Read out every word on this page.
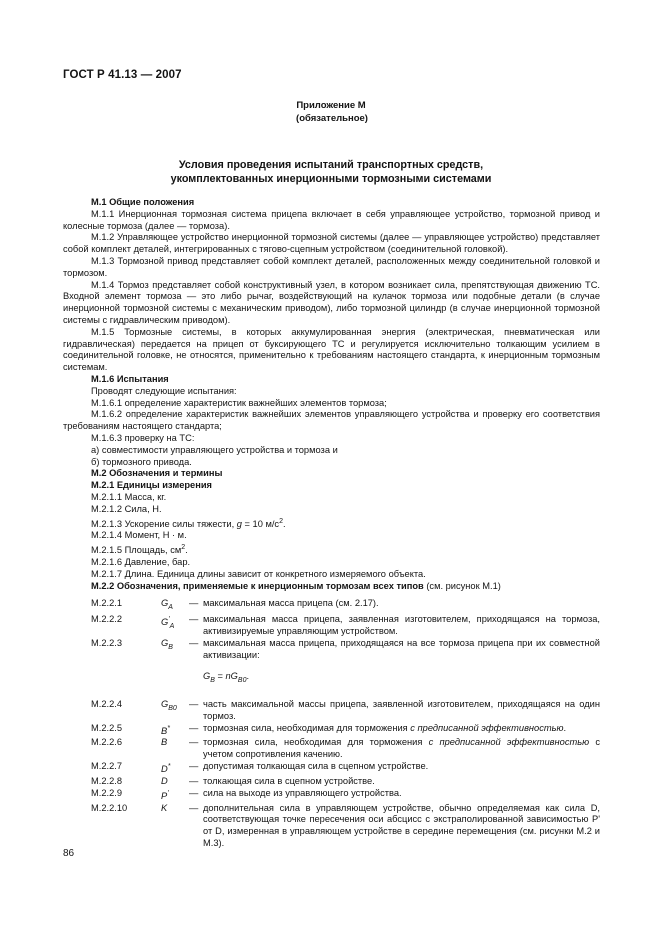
ГОСТ Р 41.13 — 2007
Приложение М
(обязательное)
Условия проведения испытаний транспортных средств,
укомплектованных инерционными тормозными системами

М.1 Общие положения

М.1.1 Инерционная тормозная система прицепа включает в себя управляющее устройство, тормозной привод и колесные тормоза (далее — тормоза).

М.1.2 Управляющее устройство инерционной тормозной системы (далее — управляющее устройство) представляет собой комплект деталей, интегрированных с тягово-сцепным устройством (соединительной головкой).

М.1.3 Тормозной привод представляет собой комплект деталей, расположенных между соединительной головкой и тормозом.

М.1.4 Тормоз представляет собой конструктивный узел, в котором возникает сила, препятствующая движению ТС. Входной элемент тормоза — это либо рычаг, воздействующий на кулачок тормоза или подобные детали (в случае инерционной тормозной системы с механическим приводом), либо тормозной цилиндр (в случае инерционной тормозной системы с гидравлическим приводом).

М.1.5 Тормозные системы, в которых аккумулированная энергия (электрическая, пневматическая или гидравлическая) передается на прицеп от буксирующего ТС и регулируется исключительно толкающим усилием в соединительной головке, не относятся, применительно к требованиям настоящего стандарта, к инерционным тормозным системам.

М.1.6 Испытания

Проводят следующие испытания:

М.1.6.1 определение характеристик важнейших элементов тормоза;

М.1.6.2 определение характеристик важнейших элементов управляющего устройства и проверку его соответствия требованиям настоящего стандарта;

М.1.6.3 проверку на ТС:

а) совместимости управляющего устройства и тормоза и

б) тормозного привода.

М.2 Обозначения и термины

М.2.1 Единицы измерения

М.2.1.1 Масса, кг.

М.2.1.2 Сила, Н.

М.2.1.3 Ускорение силы тяжести, g = 10 $м/с^2$.

М.2.1.4 Момент, Н · м.

М.2.1.5 Площадь, $см^2$.

М.2.1.6 Давление, бар.

М.2.1.7 Длина. Единица длины зависит от конкретного измеряемого объекта.

М.2.2 Обозначения, применяемые к инерционным тормозам всех типов (см. рисунок М.1)

М.2.2.1	$G_A$	— максимальная масса прицепа (см. 2.17).
М.2.2.2	$G'_A$
— максимальная масса прицепа, заявленная изготовителем, приходящаяся на тормоза, активизируемые управляющим устройством.
М.2.2.3	$G_B$	— максимальная масса прицепа, приходящаяся на все тормоза прицепа при их совместной активизации:
$G_B = nG_{B0}$.
М.2.2.4	$G_{B0}$	— часть максимальной массы прицепа, заявленной изготовителем, приходящаяся на один тормоз.
М.2.2.5	B*	— тормозная сила, необходимая для торможения с предписанной эффективностью.
М.2.2.6	B	— тормозная сила, необходимая для торможения с предписанной эффективностью с учетом сопротивления качению.
М.2.2.7	D*	— допустимая толкающая сила в сцепном устройстве.
М.2.2.8	D	— толкающая сила в сцепном устройстве.
М.2.2.9	P'	— сила на выходе из управляющего устройства.
М.2.2.10	K	— дополнительная сила в управляющем устройстве, обычно определяемая как сила D, соответствующая точке пересечения оси абсцисс с экстраполированной зависимостью P' от D, измеренная в управляющем устройстве в середине перемещения (см. рисунки М.2 и М.3).
86
